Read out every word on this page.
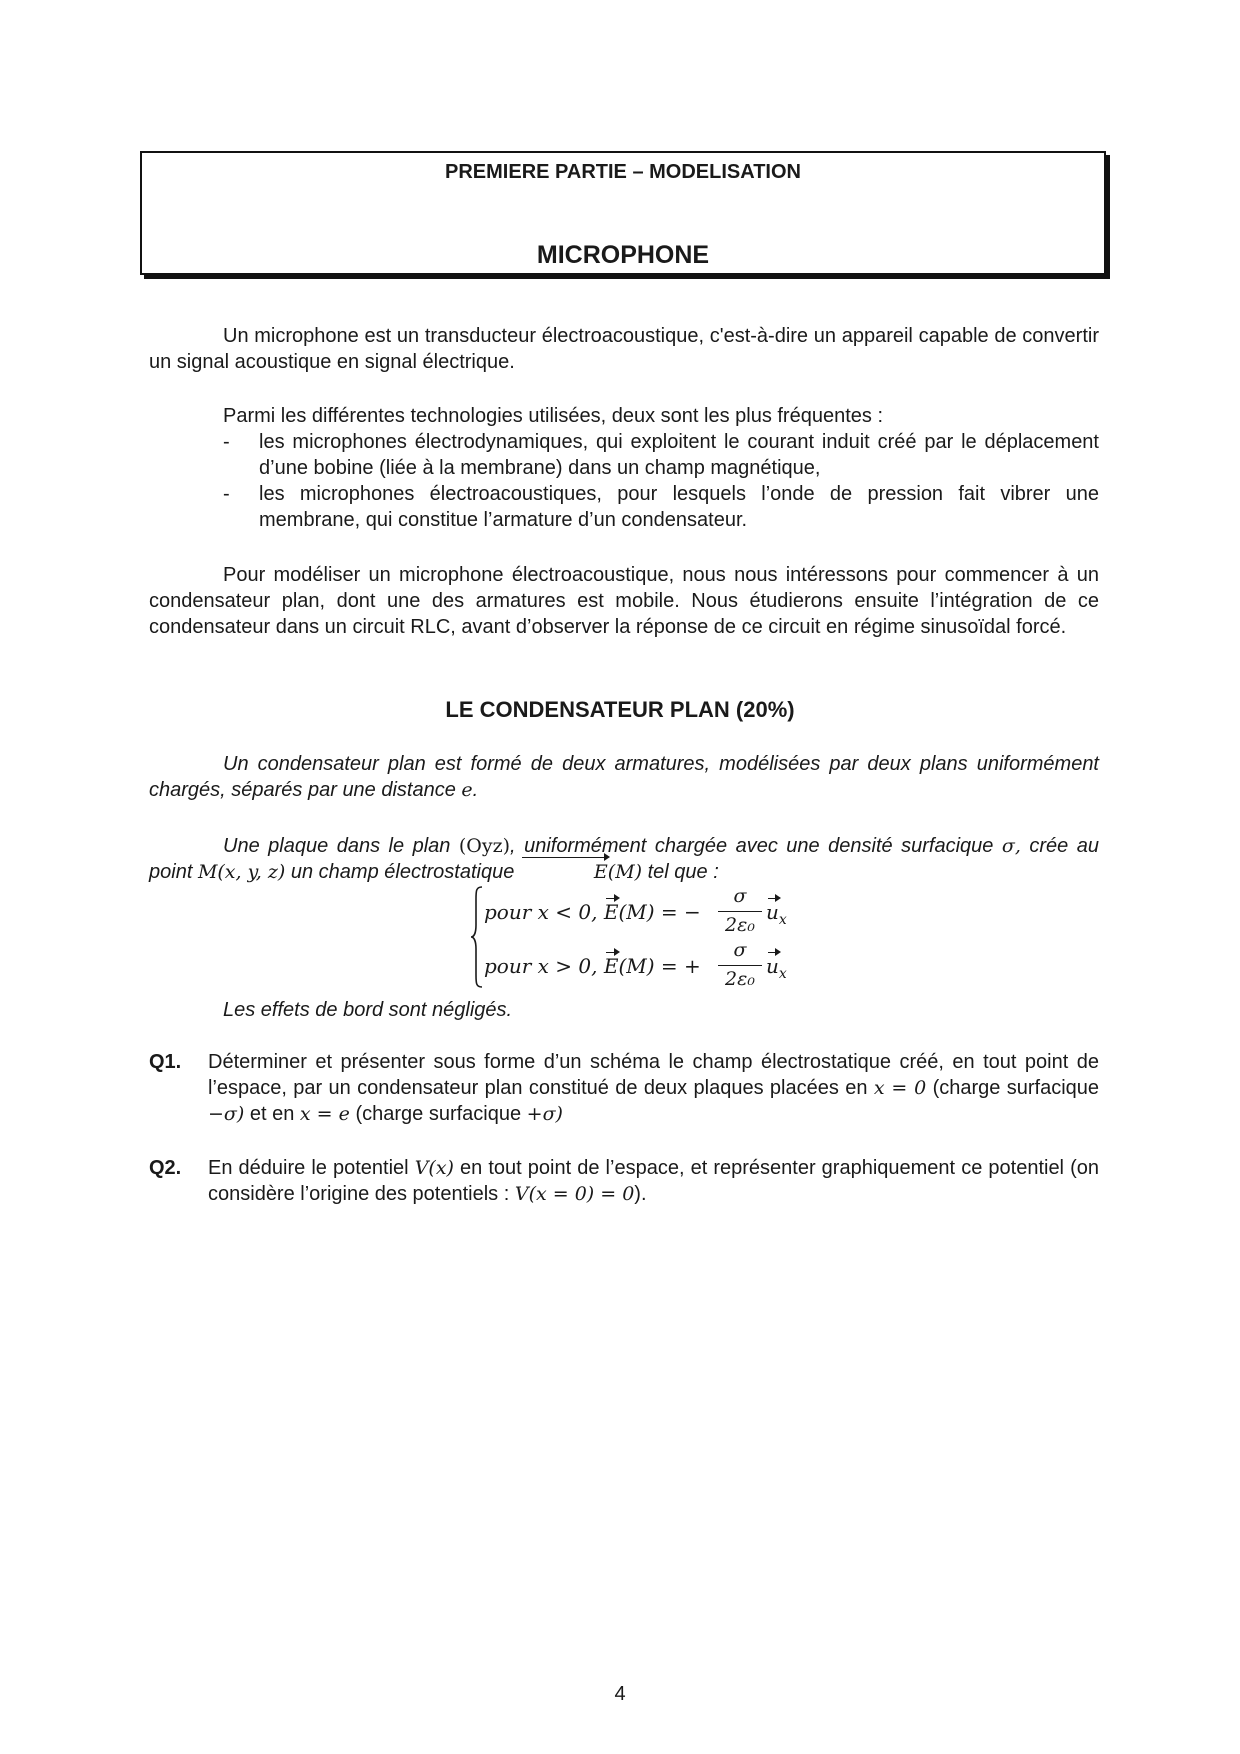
PREMIERE PARTIE – MODELISATION
MICROPHONE
Un microphone est un transducteur électroacoustique, c'est-à-dire un appareil capable de convertir un signal acoustique en signal électrique.
Parmi les différentes technologies utilisées, deux sont les plus fréquentes :
- les microphones électrodynamiques, qui exploitent le courant induit créé par le déplacement d’une bobine (liée à la membrane) dans un champ magnétique,
- les microphones électroacoustiques, pour lesquels l’onde de pression fait vibrer une membrane, qui constitue l’armature d’un condensateur.
Pour modéliser un microphone électroacoustique, nous nous intéressons pour commencer à un condensateur plan, dont une des armatures est mobile. Nous étudierons ensuite l’intégration de ce condensateur dans un circuit RLC, avant d’observer la réponse de ce circuit en régime sinusoïdal forcé.
LE CONDENSATEUR PLAN (20%)
Un condensateur plan est formé de deux armatures, modélisées par deux plans uniformément chargés, séparés par une distance e.
Une plaque dans le plan (Oyz), uniformément chargée avec une densité surfacique σ, crée au point M(x, y, z) un champ électrostatique	E(M) tel que :
pour x < 0, E(M) = −
σ
2ε₀
$u_x$
pour x > 0, E(M) = +
σ
2ε₀
$u_x$
Les effets de bord sont négligés.
Q1. Déterminer et présenter sous forme d’un schéma le champ électrostatique créé, en tout point de l’espace, par un condensateur plan constitué de deux plaques placées en x = 0 (charge surfacique −σ) et en x = e (charge surfacique +σ)
Q2. En déduire le potentiel V(x) en tout point de l’espace, et représenter graphiquement ce potentiel (on considère l’origine des potentiels : V(x = 0) = 0).
4
